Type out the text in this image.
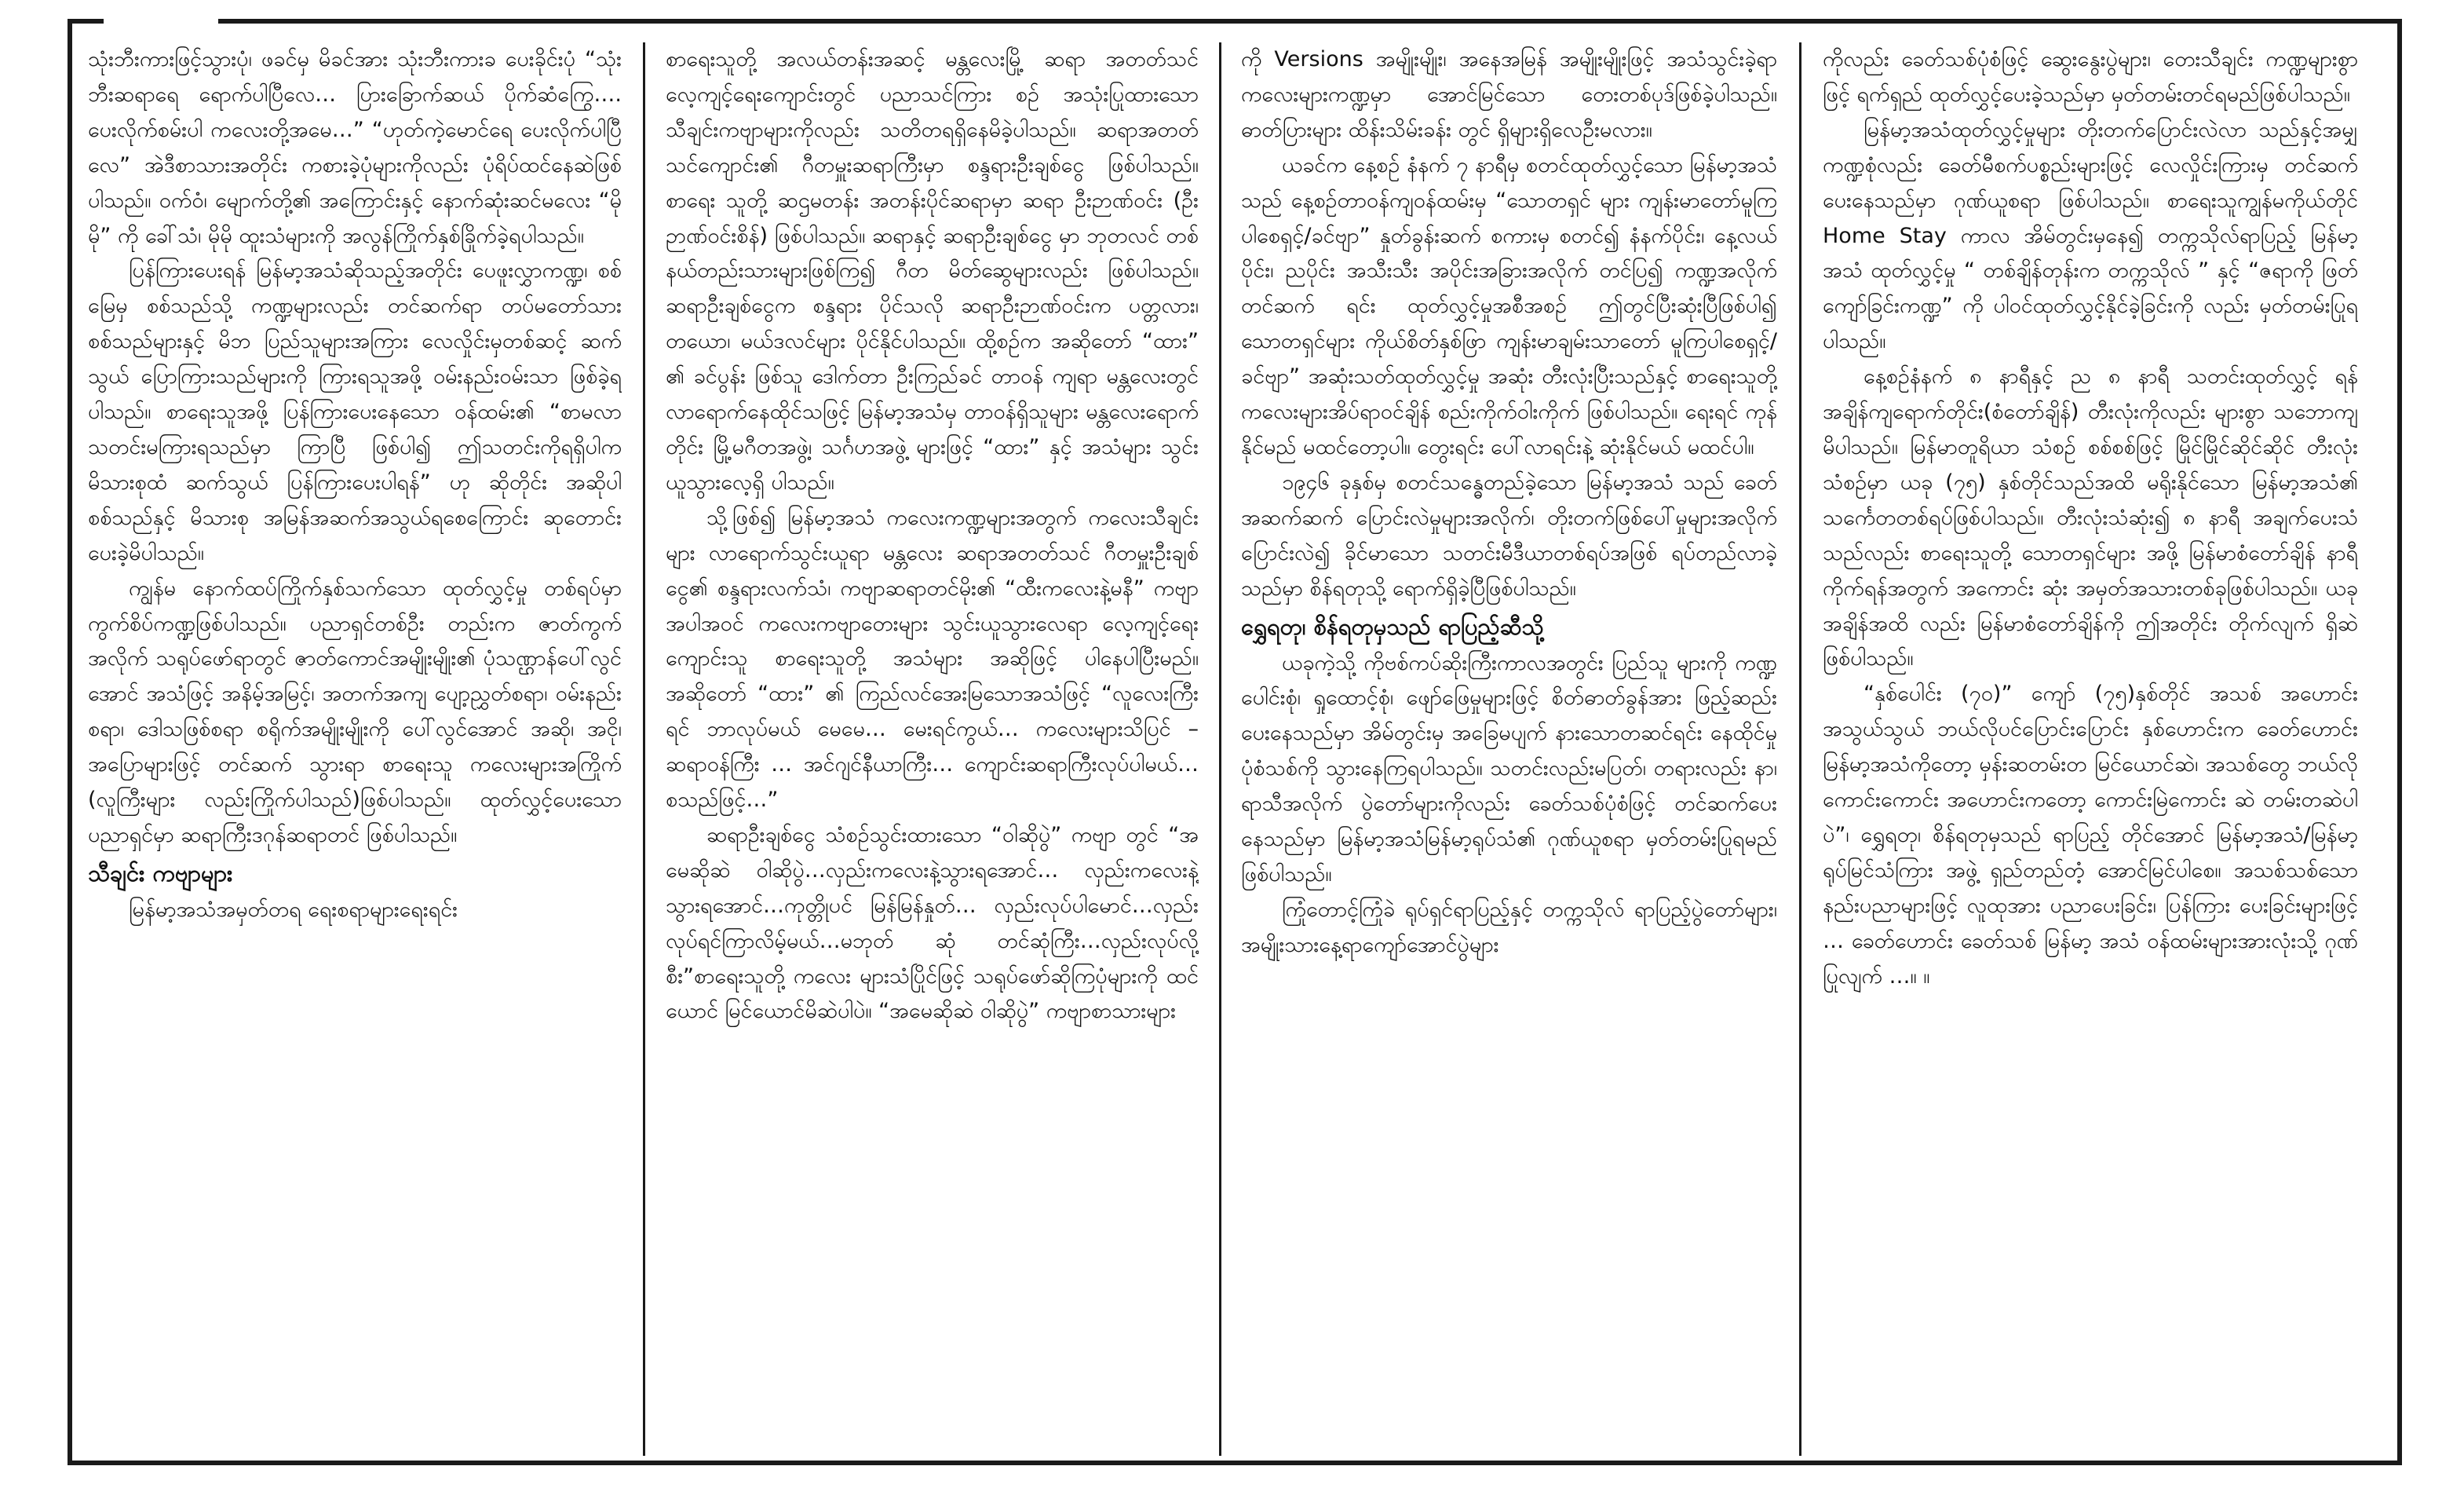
သုံးဘီးကားဖြင့်သွားပုံ၊ ဖခင်မှ မိခင်အား သုံးဘီးကားခ ပေးခိုင်းပုံ “သုံးဘီးဆရာရေ ရောက်ပါပြီလေ… ပြားခြောက်ဆယ် ပိုက်ဆံကြွေ…. ပေးလိုက်စမ်းပါ ကလေးတို့အမေ…” “ဟုတ်ကဲ့မောင်ရေ ပေးလိုက်ပါပြီ လေ” အဲဒီစာသားအတိုင်း ကစားခဲ့ပုံများကိုလည်း ပုံရိပ်ထင်နေဆဲဖြစ်ပါသည်။ ဝက်ဝံ၊ မျောက်တို့၏ အကြောင်းနှင့် နောက်ဆုံးဆင်မလေး “မိုမို” ကို ခေါ်သံ၊ မိုမို ထူးသံများကို အလွန်ကြိုက်နှစ်ခြိုက်ခဲ့ရပါသည်။

ပြန်ကြားပေးရန် မြန်မာ့အသံဆိုသည့်အတိုင်း ပေဖူးလွှာကဏ္ဍ၊ စစ်မြေမှ စစ်သည်သို့ ကဏ္ဍများလည်း တင်ဆက်ရာ တပ်မတော်သားစစ်သည်များနှင့် မိဘ ပြည်သူများအကြား လေလှိုင်းမှတစ်ဆင့် ဆက်သွယ် ပြောကြားသည်များကို ကြားရသူအဖို့ ဝမ်းနည်းဝမ်းသာ ဖြစ်ခဲ့ရပါသည်။ စာရေးသူအဖို့ ပြန်ကြားပေးနေသော ဝန်ထမ်း၏ “စာမလာ သတင်းမကြားရသည်မှာ ကြာပြီ ဖြစ်ပါ၍ ဤသတင်းကိုရရှိပါက မိသားစုထံ ဆက်သွယ် ပြန်ကြားပေးပါရန်” ဟု ဆိုတိုင်း အဆိုပါ စစ်သည်နှင့် မိသားစု အမြန်အဆက်အသွယ်ရစေကြောင်း ဆုတောင်း ပေးခဲ့မိပါသည်။

ကျွန်မ နောက်ထပ်ကြိုက်နှစ်သက်သော ထုတ်လွှင့်မှု တစ်ရပ်မှာ ကွက်စိပ်ကဏ္ဍဖြစ်ပါသည်။ ပညာရှင်တစ်ဦး တည်းက ဇာတ်ကွက်အလိုက် သရုပ်ဖော်ရာတွင် ဇာတ်ကောင်အမျိုးမျိုး၏ ပုံသဏ္ဌာန်ပေါ်လွင်အောင် အသံဖြင့် အနိမ့်အမြင့်၊ အတက်အကျ ပျော့ညွှတ်စရာ၊ ဝမ်းနည်းစရာ၊ ဒေါသဖြစ်စရာ စရိုက်အမျိုးမျိုးကို ပေါ်လွင်အောင် အဆို၊ အငို၊ အပြောများဖြင့် တင်ဆက် သွားရာ စာရေးသူ ကလေးများအကြိုက် (လူကြီးများ လည်းကြိုက်ပါသည်)ဖြစ်ပါသည်။ ထုတ်လွှင့်ပေးသော ပညာရှင်မှာ ဆရာကြီးဒဂုန်ဆရာတင် ဖြစ်ပါသည်။

သီချင်း ကဗျာများ

မြန်မာ့အသံအမှတ်တရ ရေးစရာများရေးရင်း

စာရေးသူတို့ အလယ်တန်းအဆင့် မန္တလေးမြို့ ဆရာ အတတ်သင် လေ့ကျင့်ရေးကျောင်းတွင် ပညာသင်ကြား စဉ် အသုံးပြုထားသော သီချင်းကဗျာများကိုလည်း သတိတရရှိနေမိခဲ့ပါသည်။ ဆရာအတတ်သင်ကျောင်း၏ ဂီတမှူးဆရာကြီးမှာ စန္ဒရားဦးချစ်ငွေ ဖြစ်ပါသည်။ စာရေး သူတို့ ဆဌမတန်း အတန်းပိုင်ဆရာမှာ ဆရာ ဦးဉာဏ်ဝင်း (ဦးဉာဏ်ဝင်းစိန်) ဖြစ်ပါသည်။ ဆရာနှင့် ဆရာဦးချစ်ငွေ မှာ ဘုတလင် တစ်နယ်တည်းသားများဖြစ်ကြ၍ ဂီတ မိတ်ဆွေများလည်း ဖြစ်ပါသည်။ ဆရာဦးချစ်ငွေက စန္ဒရား ပိုင်သလို ဆရာဦးဉာဏ်ဝင်းက ပတ္တလား၊ တယော၊ မယ်ဒလင်များ ပိုင်နိုင်ပါသည်။ ထို့စဉ်က အဆိုတော် “ထား” ၏ ခင်ပွန်း ဖြစ်သူ ဒေါက်တာ ဦးကြည်ခင် တာဝန် ကျရာ မန္တလေးတွင် လာရောက်နေထိုင်သဖြင့် မြန်မာ့အသံမှ တာဝန်ရှိသူများ မန္တလေးရောက်တိုင်း မြို့မဂီတအဖွဲ့၊ သင်္ဂဟအဖွဲ့ များဖြင့် “ထား” နှင့် အသံများ သွင်းယူသွားလေ့ရှိ ပါသည်။

သို့ဖြစ်၍ မြန်မာ့အသံ ကလေးကဏ္ဍများအတွက် ကလေးသီချင်းများ လာရောက်သွင်းယူရာ မန္တလေး ဆရာအတတ်သင် ဂီတမှူးဦးချစ်ငွေ၏ စန္ဒရားလက်သံ၊ ကဗျာဆရာတင်မိုး၏ “ထီးကလေးနဲ့မနီ” ကဗျာအပါအဝင် ကလေးကဗျာတေးများ သွင်းယူသွားလေရာ လေ့ကျင့်ရေး ကျောင်းသူ စာရေးသူတို့ အသံများ အဆိုဖြင့် ပါနေပါပြီးမည်။ အဆိုတော် “ထား” ၏ ကြည်လင်အေးမြသောအသံဖြင့် “လူလေးကြီးရင် ဘာလုပ်မယ် မေမေ… မေးရင်ကွယ်… ကလေးများသိပြင် – ဆရာဝန်ကြီး … အင်ဂျင်နီယာကြီး… ကျောင်းဆရာကြီးလုပ်ပါမယ်…စသည်ဖြင့်…”

ဆရာဦးချစ်ငွေ သံစဉ်သွင်းထားသော “ဝါဆိုပွဲ” ကဗျာ တွင် “အမေဆိုဆဲ ဝါဆိုပွဲ…လှည်းကလေးနဲ့သွားရအောင်… လှည်းကလေးနဲ့ သွားရအောင်…ကုတ္တိုပင် မြန်မြန်နှုတ်… လှည်းလုပ်ပါမောင်…လှည်းလုပ်ရင်ကြာလိမ့်မယ်…မဘုတ် ဆုံ တင်ဆုံကြီး…လှည်းလုပ်လို့စီး”စာရေးသူတို့ ကလေး များသံပြိုင်ဖြင့် သရုပ်ဖော်ဆိုကြပုံများကို ထင်ယောင် မြင်ယောင်မိဆဲပါပဲ။ “အမေဆိုဆဲ ဝါဆိုပွဲ” ကဗျာစာသားများ

ကို Versions အမျိုးမျိုး၊ အနေအမြန် အမျိုးမျိုးဖြင့် အသံသွင်းခဲ့ရာ ကလေးများကဏ္ဍမှာ အောင်မြင်သော တေးတစ်ပုဒ်ဖြစ်ခဲ့ပါသည်။ ဓာတ်ပြားများ ထိန်းသိမ်းခန်း တွင် ရှိများရှိလေဦးမလား။

ယခင်က နေ့စဉ် နံနက် ၇ နာရီမှ စတင်ထုတ်လွှင့်သော မြန်မာ့အသံသည် နေ့စဉ်တာဝန်ကျဝန်ထမ်းမှ “သောတရှင် များ ကျန်းမာတော်မူကြပါစေရှင့်/ခင်ဗျာ” နှုတ်ခွန်းဆက် စကားမှ စတင်၍ နံနက်ပိုင်း၊ နေ့လယ်ပိုင်း၊ ညပိုင်း အသီးသီး အပိုင်းအခြားအလိုက် တင်ပြ၍ ကဏ္ဍအလိုက် တင်ဆက် ရင်း ထုတ်လွှင့်မှုအစီအစဉ် ဤတွင်ပြီးဆုံးပြီဖြစ်ပါ၍ သောတရှင်များ ကိုယ်စိတ်နှစ်ဖြာ ကျန်းမာချမ်းသာတော် မူကြပါစေရှင့်/ခင်ဗျာ” အဆုံးသတ်ထုတ်လွှင့်မှု အဆုံး တီးလုံးပြီးသည်နှင့် စာရေးသူတို့ ကလေးများအိပ်ရာဝင်ချိန် စည်းကိုက်ဝါးကိုက် ဖြစ်ပါသည်။ ရေးရင် ကုန်နိုင်မည် မထင်တော့ပါ။ တွေးရင်း ပေါ်လာရင်းနဲ့ ဆုံးနိုင်မယ် မထင်ပါ။

၁၉၄၆ ခုနှစ်မှ စတင်သန္ဓေတည်ခဲ့သော မြန်မာ့အသံ သည် ခေတ်အဆက်ဆက် ပြောင်းလဲမှုများအလိုက်၊ တိုးတက်ဖြစ်ပေါ်မှုများအလိုက် ပြောင်းလဲ၍ ခိုင်မာသော သတင်းမီဒီယာတစ်ရပ်အဖြစ် ရပ်တည်လာခဲ့သည်မှာ စိန်ရတုသို့ ရောက်ရှိခဲ့ပြီဖြစ်ပါသည်။

ရွှေရတု၊ စိန်ရတုမှသည် ရာပြည့်ဆီသို့

ယခုကဲ့သို့ ကိုဗစ်ကပ်ဆိုးကြီးကာလအတွင်း ပြည်သူ များကို ကဏ္ဍပေါင်းစုံ၊ ရှုထောင့်စုံ၊ ဖျော်ဖြေမှုများဖြင့် စိတ်ဓာတ်ခွန်အား ဖြည့်ဆည်းပေးနေသည်မှာ အိမ်တွင်းမှ အခြေမပျက် နားသောတဆင်ရင်း နေထိုင်မှုပုံစံသစ်ကို သွားနေကြရပါသည်။ သတင်းလည်းမပြတ်၊ တရားလည်း နာ၊ ရာသီအလိုက် ပွဲတော်များကိုလည်း ခေတ်သစ်ပုံစံဖြင့် တင်ဆက်ပေးနေသည်မှာ မြန်မာ့အသံမြန်မာ့ရုပ်သံ၏ ဂုဏ်ယူစရာ မှတ်တမ်းပြုရမည် ဖြစ်ပါသည်။

ကြုံတောင့်ကြုံခဲ ရုပ်ရှင်ရာပြည့်နှင့် တက္ကသိုလ် ရာပြည့်ပွဲတော်များ၊ အမျိုးသားနေ့ရာကျော်အောင်ပွဲများ

ကိုလည်း ခေတ်သစ်ပုံစံဖြင့် ဆွေးနွေးပွဲများ၊ တေးသီချင်း ကဏ္ဍများစွာဖြင့် ရက်ရှည် ထုတ်လွှင့်ပေးခဲ့သည်မှာ မှတ်တမ်းတင်ရမည်ဖြစ်ပါသည်။

မြန်မာ့အသံထုတ်လွှင့်မှုများ တိုးတက်ပြောင်းလဲလာ သည်နှင့်အမျှ ကဏ္ဍစုံလည်း ခေတ်မီစက်ပစ္စည်းများဖြင့် လေလှိုင်းကြားမှ တင်ဆက်ပေးနေသည်မှာ ဂုဏ်ယူစရာ ဖြစ်ပါသည်။ စာရေးသူကျွန်မကိုယ်တိုင် Home Stay ကာလ အိမ်တွင်းမှနေ၍ တက္ကသိုလ်ရာပြည့် မြန်မာ့အသံ ထုတ်လွှင့်မှု “ တစ်ချိန်တုန်းက တက္ကသိုလ် ” နှင့် “ဇရာကို ဖြတ်ကျော်ခြင်းကဏ္ဍ” ကို ပါဝင်ထုတ်လွှင့်နိုင်ခဲ့ခြင်းကို လည်း မှတ်တမ်းပြုရပါသည်။

နေ့စဉ်နံနက် ၈ နာရီနှင့် ည ၈ နာရီ သတင်းထုတ်လွှင့် ရန် အချိန်ကျရောက်တိုင်း(စံတော်ချိန်) တီးလုံးကိုလည်း များစွာ သဘောကျမိပါသည်။ မြန်မာတူရိယာ သံစဉ် စစ်စစ်ဖြင့် မြိုင်မြိုင်ဆိုင်ဆိုင် တီးလုံးသံစဉ်မှာ ယခု (၇၅) နှစ်တိုင်သည်အထိ မရိုးနိုင်သော မြန်မာ့အသံ၏ သင်္ကေတတစ်ရပ်ဖြစ်ပါသည်။ တီးလုံးသံဆုံး၍ ၈ နာရီ အချက်ပေးသံသည်လည်း စာရေးသူတို့ သောတရှင်များ အဖို့ မြန်မာစံတော်ချိန် နာရီကိုက်ရန်အတွက် အကောင်း ဆုံး အမှတ်အသားတစ်ခုဖြစ်ပါသည်။ ယခုအချိန်အထိ လည်း မြန်မာစံတော်ချိန်ကို ဤအတိုင်း တိုက်လျက် ရှိဆဲဖြစ်ပါသည်။

“နှစ်ပေါင်း (၇၀)” ကျော် (၇၅)နှစ်တိုင် အသစ် အဟောင်း အသွယ်သွယ် ဘယ်လိုပင်ပြောင်းပြောင်း နှစ်ဟောင်းက ခေတ်ဟောင်း မြန်မာ့အသံကိုတော့ မှန်းဆတမ်းတ မြင်ယောင်ဆဲ၊ အသစ်တွေ ဘယ်လို ကောင်းကောင်း အဟောင်းကတော့ ကောင်းမြဲကောင်း ဆဲ တမ်းတဆဲပါပဲ”၊ ရွှေရတု၊ စိန်ရတုမှသည် ရာပြည့် တိုင်အောင် မြန်မာ့အသံ/မြန်မာ့ရုပ်မြင်သံကြား အဖွဲ့ ရှည်တည်တံ့ အောင်မြင်ပါစေ။ အသစ်သစ်သော နည်းပညာများဖြင့် လူထုအား ပညာပေးခြင်း၊ ပြန်ကြား ပေးခြင်းများဖြင့် … ခေတ်ဟောင်း ခေတ်သစ် မြန်မာ့ အသံ ဝန်ထမ်းများအားလုံးသို့ ဂုဏ်ပြုလျက် …။ ။
